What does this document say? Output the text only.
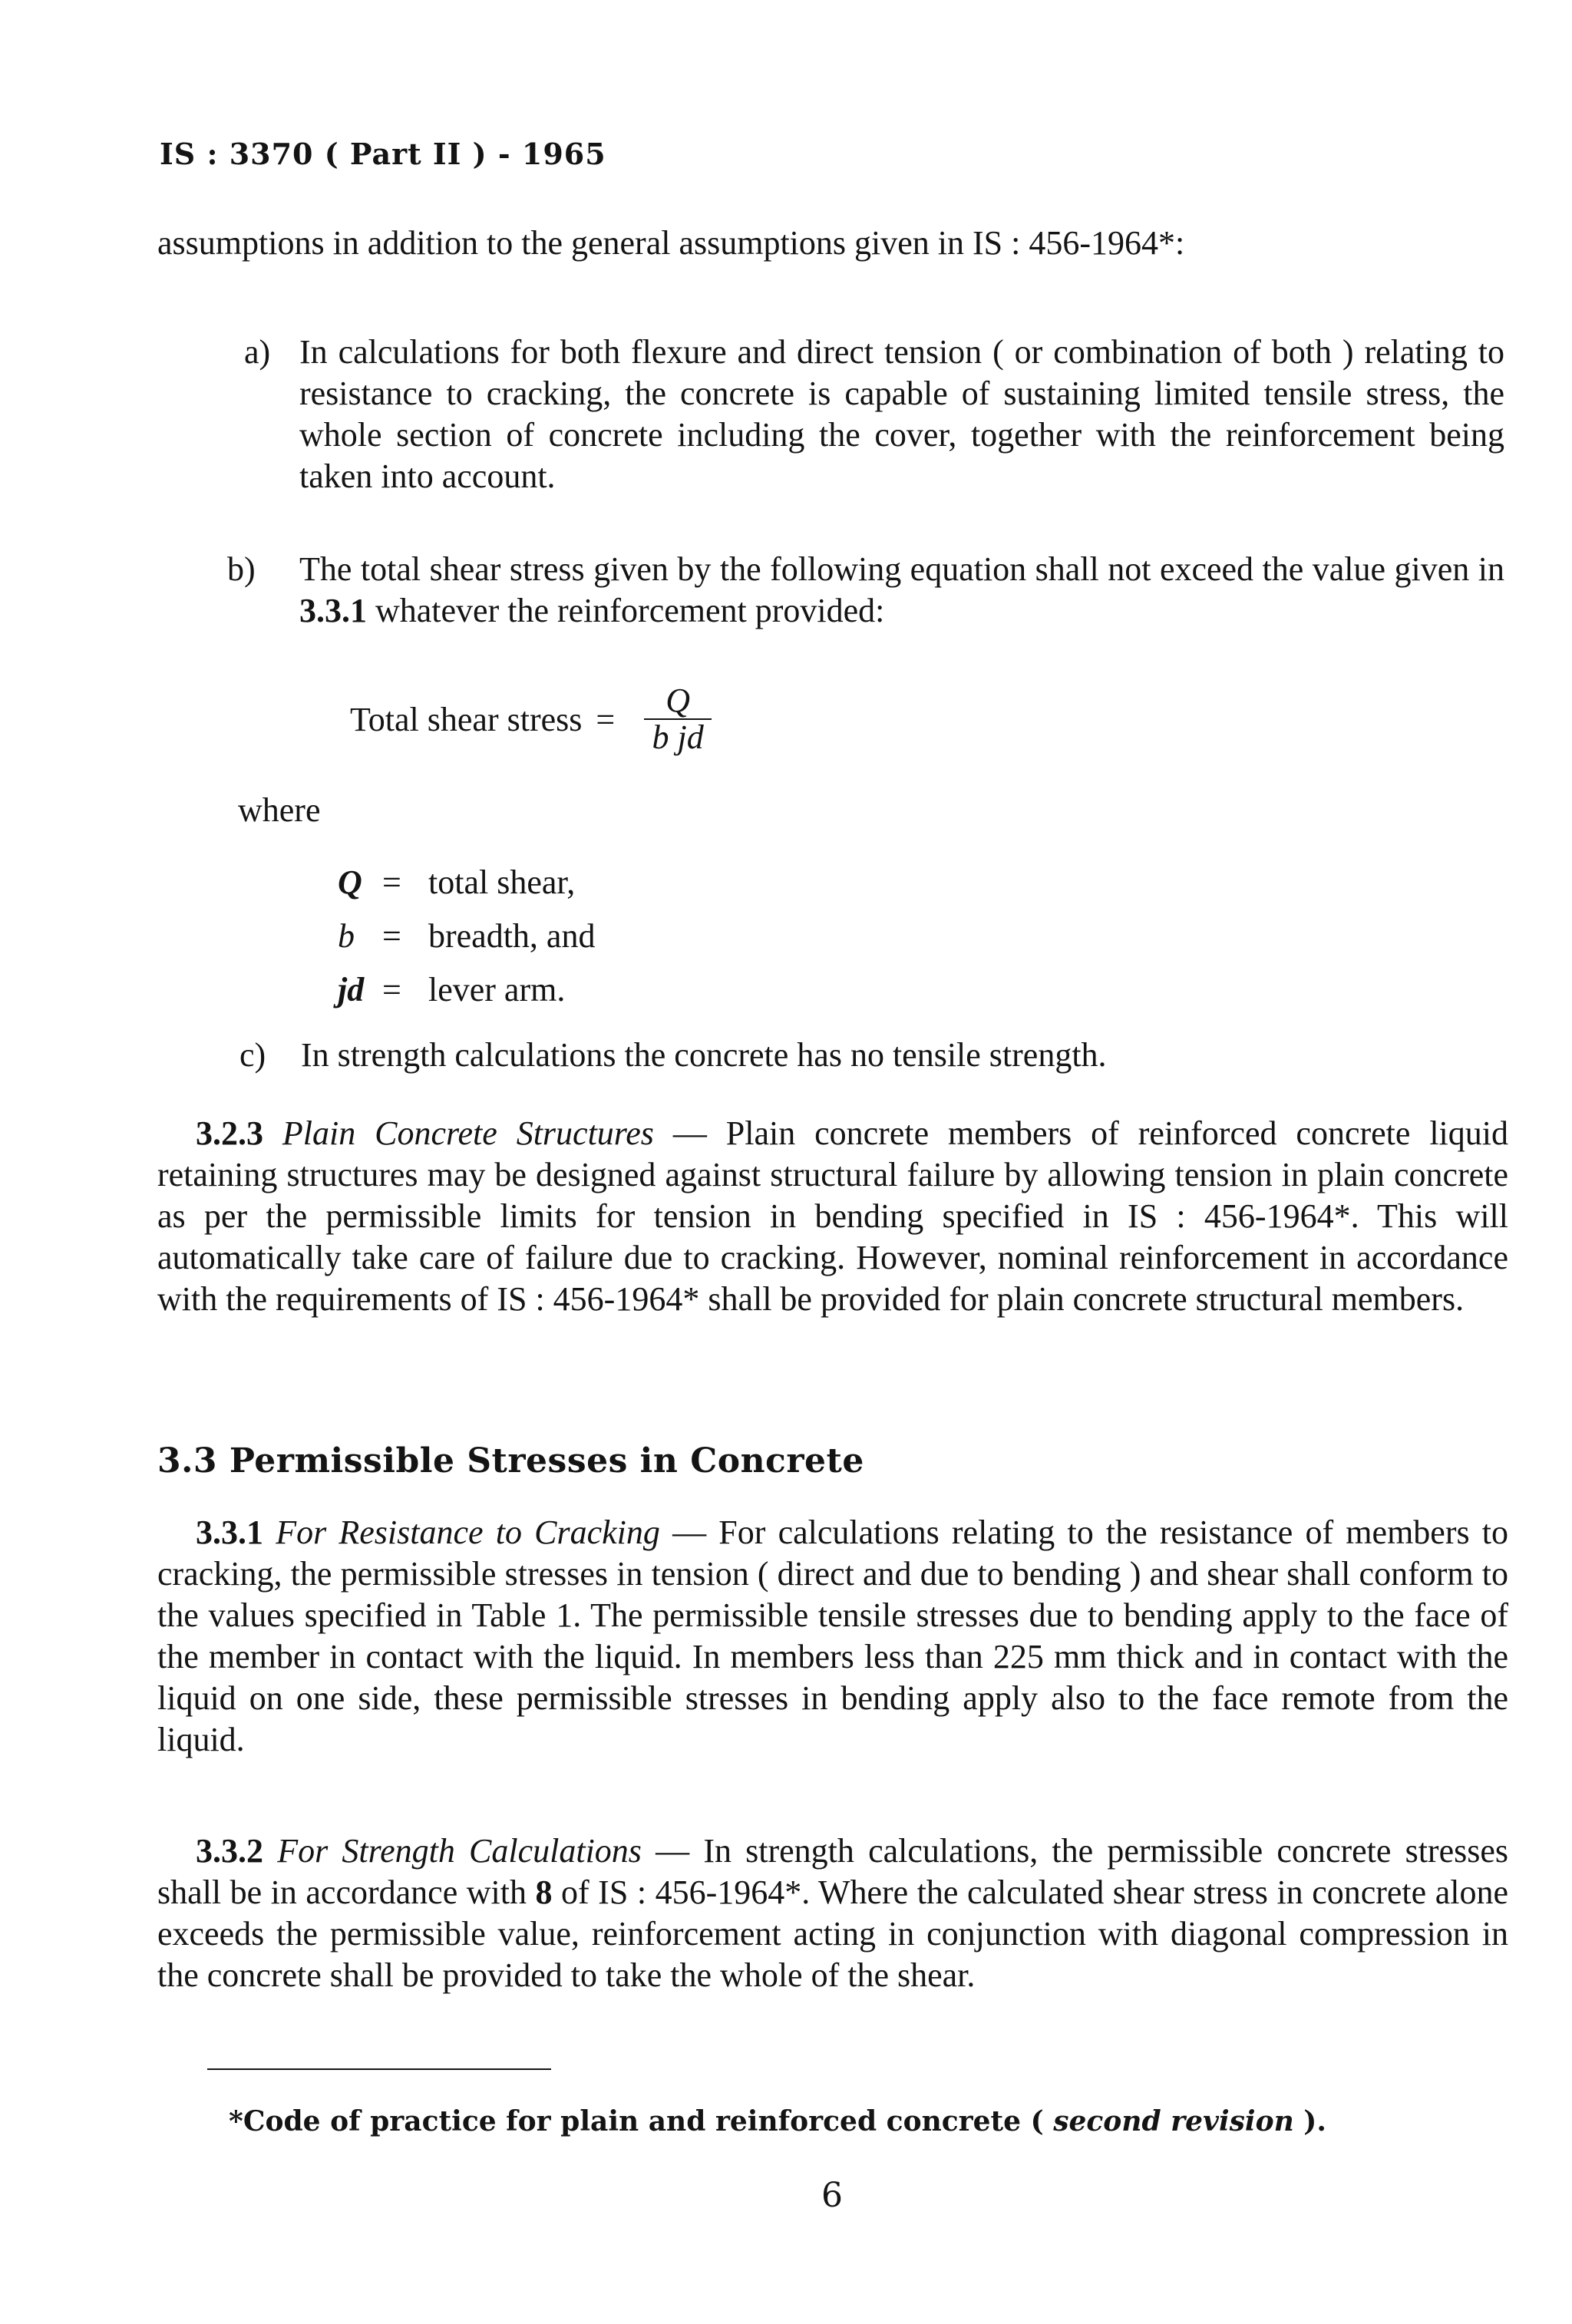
IS : 3370 ( Part II ) - 1965

assumptions in addition to the general assumptions given in IS : 456-1964*:

a) In calculations for both flexure and direct tension ( or combination of both ) relating to resistance to cracking, the concrete is capable of sustaining limited tensile stress, the whole section of concrete including the cover, together with the reinforcement being taken into account.
b) The total shear stress given by the following equation shall not exceed the value given in 3.3.1 whatever the reinforcement provided:
Total shear stress = $\frac{Q}{\text{b jd}}$
where
Q = total shear,
b = breadth, and
jd = lever arm.
c) In strength calculations the concrete has no tensile strength.

3.2.3 Plain Concrete Structures — Plain concrete members of reinforced concrete liquid retaining structures may be designed against structural failure by allowing tension in plain concrete as per the permissible limits for tension in bending specified in IS : 456-1964*. This will automatically take care of failure due to cracking. However, nominal reinforcement in accordance with the requirements of IS : 456-1964* shall be provided for plain concrete structural members.

3.3 Permissible Stresses in Concrete

3.3.1 For Resistance to Cracking — For calculations relating to the resistance of members to cracking, the permissible stresses in tension ( direct and due to bending ) and shear shall conform to the values specified in Table 1. The permissible tensile stresses due to bending apply to the face of the member in contact with the liquid. In members less than 225 mm thick and in contact with the liquid on one side, these permissible stresses in bending apply also to the face remote from the liquid.

3.3.2 For Strength Calculations — In strength calculations, the permissible concrete stresses shall be in accordance with 8 of IS : 456-1964*. Where the calculated shear stress in concrete alone exceeds the permissible value, reinforcement acting in conjunction with diagonal compression in the concrete shall be provided to take the whole of the shear.

*Code of practice for plain and reinforced concrete ( second revision ).
6
